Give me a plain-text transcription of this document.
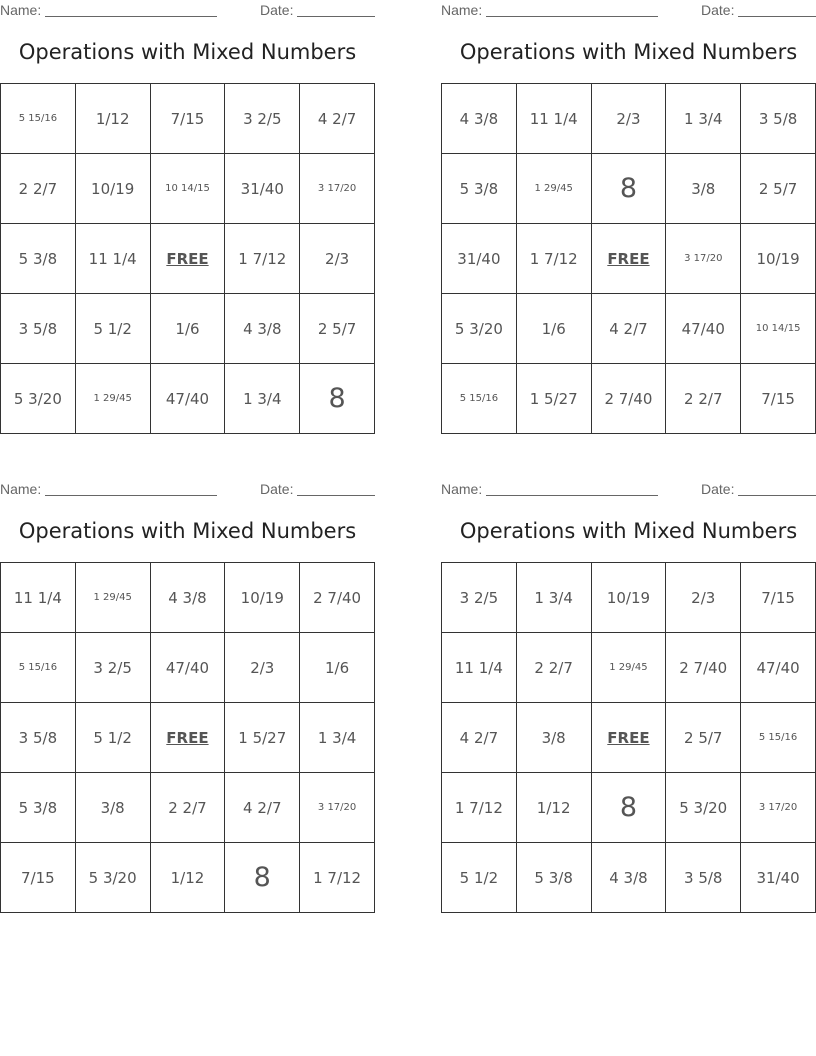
Name:	Date:
Operations with Mixed Numbers
5 15/16	1/12	7/15	3 2/5	4 2/7
2 2/7	10/19	10 14/15	31/40	3 17/20
5 3/8	11 1/4	FREE	1 7/12	2/3
3 5/8	5 1/2	1/6	4 3/8	2 5/7
5 3/20	1 29/45	47/40	1 3/4	8
Name:	Date:
Operations with Mixed Numbers
4 3/8	11 1/4	2/3	1 3/4	3 5/8
5 3/8	1 29/45	8	3/8	2 5/7
31/40	1 7/12	FREE	3 17/20	10/19
5 3/20	1/6	4 2/7	47/40	10 14/15
5 15/16	1 5/27	2 7/40	2 2/7	7/15
Name:	Date:
Operations with Mixed Numbers
11 1/4	1 29/45	4 3/8	10/19	2 7/40
5 15/16	3 2/5	47/40	2/3	1/6
3 5/8	5 1/2	FREE	1 5/27	1 3/4
5 3/8	3/8	2 2/7	4 2/7	3 17/20
7/15	5 3/20	1/12	8	1 7/12
Name:	Date:
Operations with Mixed Numbers
3 2/5	1 3/4	10/19	2/3	7/15
11 1/4	2 2/7	1 29/45	2 7/40	47/40
4 2/7	3/8	FREE	2 5/7	5 15/16
1 7/12	1/12	8	5 3/20	3 17/20
5 1/2	5 3/8	4 3/8	3 5/8	31/40
